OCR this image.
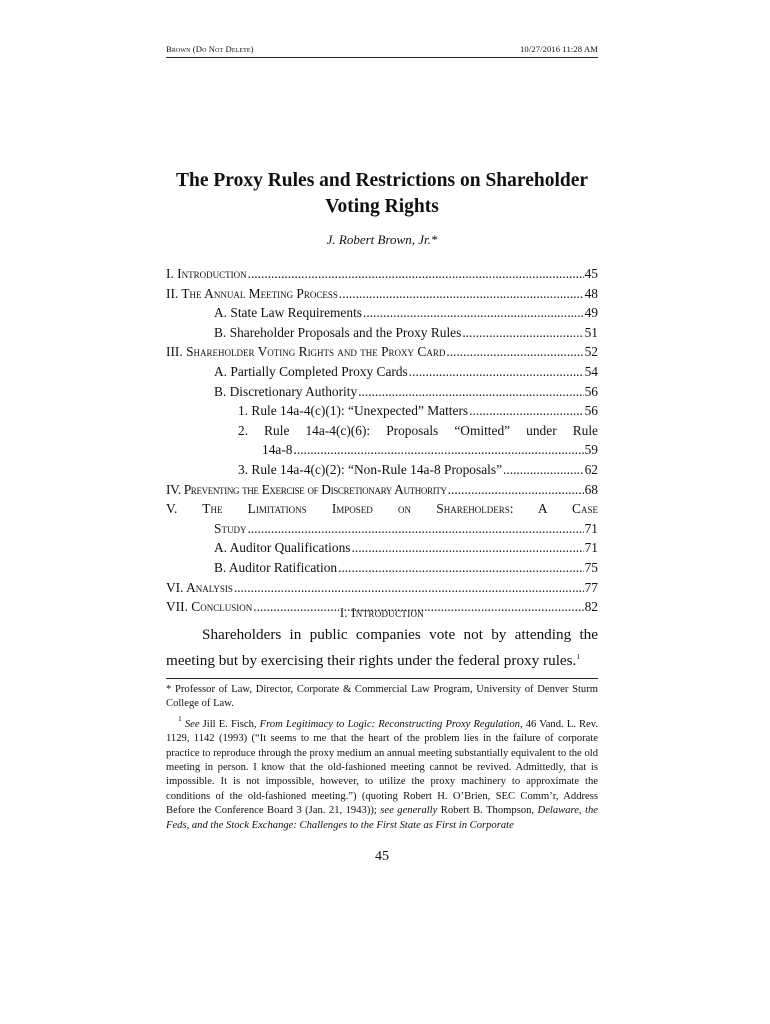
Brown (Do Not Delete)	10/27/2016 11:28 AM
The Proxy Rules and Restrictions on Shareholder
Voting Rights
J. Robert Brown, Jr.*
I. Introduction .....	45
II. The Annual Meeting Process .....	48
A. State Law Requirements .....	49
B. Shareholder Proposals and the Proxy Rules .....	51
III. Shareholder Voting Rights and the Proxy Card .....	52
A. Partially Completed Proxy Cards .....	54
B. Discretionary Authority .....	56
1. Rule 14a-4(c)(1): “Unexpected” Matters .....	56
2. Rule 14a-4(c)(6): Proposals “Omitted” under Rule
14a-8 .....	59
3. Rule 14a-4(c)(2): “Non-Rule 14a-8 Proposals” .....	62
IV. Preventing the Exercise of Discretionary Authority .....	68
V. The Limitations Imposed on Shareholders: A Case
Study .....	71
A. Auditor Qualifications .....	71
B. Auditor Ratification .....	75
VI. Analysis .....	77
VII. Conclusion .....	82
I. Introduction

Shareholders in public companies vote not by attending the

meeting but by exercising their rights under the federal proxy rules.$^1$

* Professor of Law, Director, Corporate & Commercial Law Program, University of Denver Sturm College of Law.

$^1$ See Jill E. Fisch, From Legitimacy to Logic: Reconstructing Proxy Regulation, 46 Vand. L. Rev. 1129, 1142 (1993) (“It seems to me that the heart of the problem lies in the failure of corporate practice to reproduce through the proxy medium an annual meeting substantially equivalent to the old meeting in person. I know that the old-fashioned meeting cannot be revived. Admittedly, that is impossible. It is not impossible, however, to utilize the proxy machinery to approximate the conditions of the old-fashioned meeting.”) (quoting Robert H. O’Brien, SEC Comm’r, Address Before the Conference Board 3 (Jan. 21, 1943)); see generally Robert B. Thompson, Delaware, the Feds, and the Stock Exchange: Challenges to the First State as First in Corporate

45
